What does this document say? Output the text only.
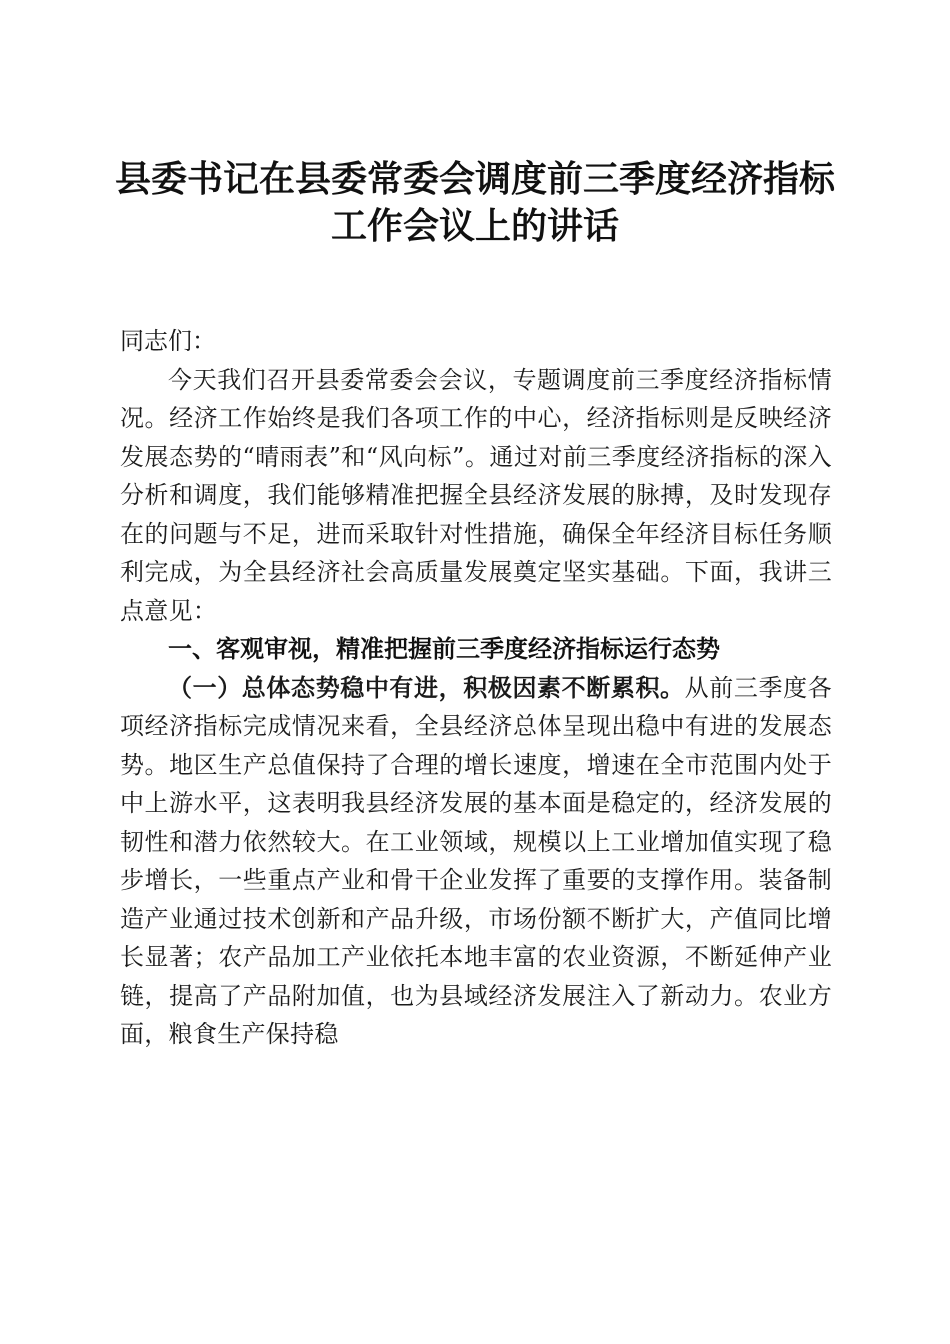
县委书记在县委常委会调度前三季度经济指标
工作会议上的讲话

同志们：

今天我们召开县委常委会会议，专题调度前三季度经济指标情况。经济工作始终是我们各项工作的中心，经济指标则是反映经济发展态势的“晴雨表”和“风向标”。通过对前三季度经济指标的深入分析和调度，我们能够精准把握全县经济发展的脉搏，及时发现存在的问题与不足，进而采取针对性措施，确保全年经济目标任务顺利完成，为全县经济社会高质量发展奠定坚实基础。下面，我讲三点意见：

一、客观审视，精准把握前三季度经济指标运行态势

（一）总体态势稳中有进，积极因素不断累积。从前三季度各项经济指标完成情况来看，全县经济总体呈现出稳中有进的发展态势。地区生产总值保持了合理的增长速度，增速在全市范围内处于中上游水平，这表明我县经济发展的基本面是稳定的，经济发展的韧性和潜力依然较大。在工业领域，规模以上工业增加值实现了稳步增长，一些重点产业和骨干企业发挥了重要的支撑作用。装备制造产业通过技术创新和产品升级，市场份额不断扩大，产值同比增长显著；农产品加工产业依托本地丰富的农业资源，不断延伸产业链，提高了产品附加值，也为县域经济发展注入了新动力。农业方面，粮食生产保持稳
